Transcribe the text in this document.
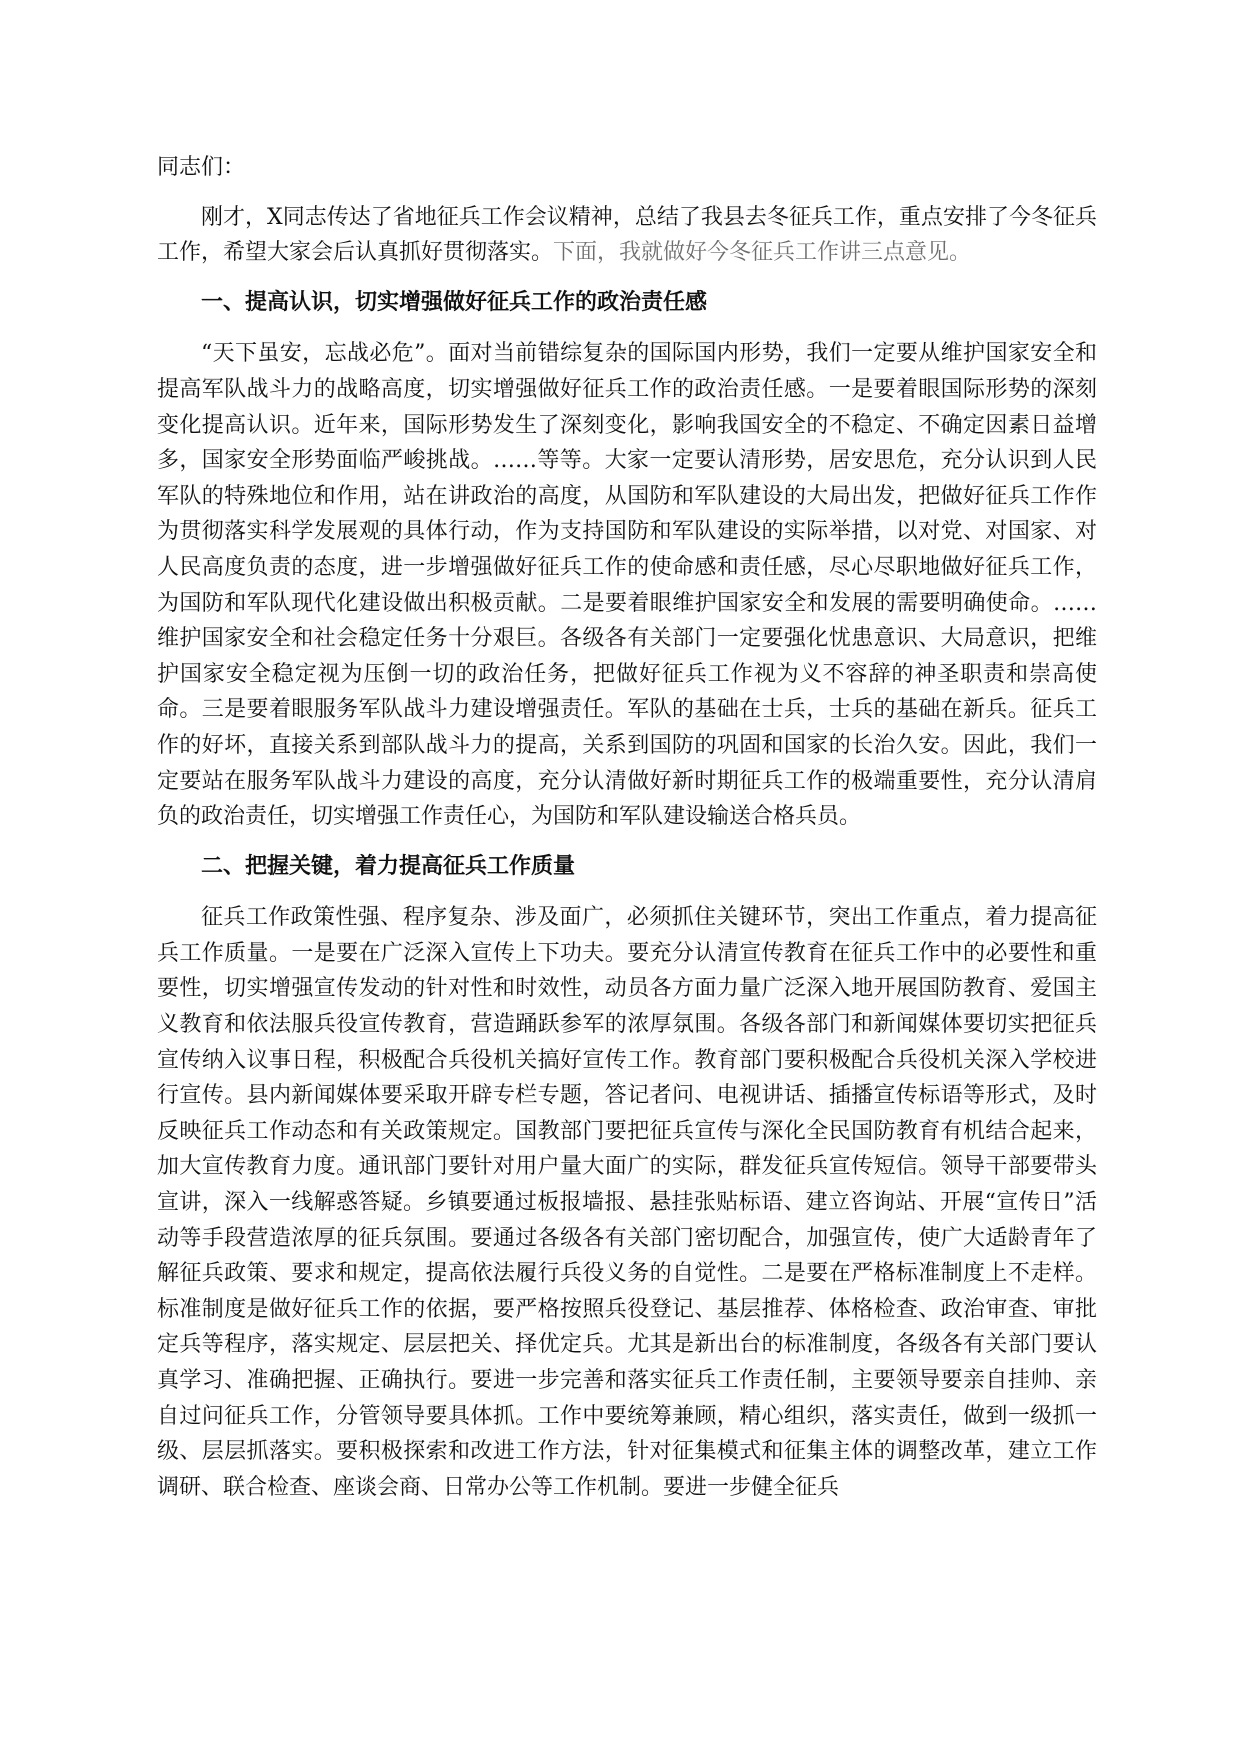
同志们：

刚才，X同志传达了省地征兵工作会议精神，总结了我县去冬征兵工作，重点安排了今冬征兵工作，希望大家会后认真抓好贯彻落实。下面，我就做好今冬征兵工作讲三点意见。

一、提高认识，切实增强做好征兵工作的政治责任感

“天下虽安，忘战必危”。面对当前错综复杂的国际国内形势，我们一定要从维护国家安全和提高军队战斗力的战略高度，切实增强做好征兵工作的政治责任感。一是要着眼国际形势的深刻变化提高认识。近年来，国际形势发生了深刻变化，影响我国安全的不稳定、不确定因素日益增多，国家安全形势面临严峻挑战。……等等。大家一定要认清形势，居安思危，充分认识到人民军队的特殊地位和作用，站在讲政治的高度，从国防和军队建设的大局出发，把做好征兵工作作为贯彻落实科学发展观的具体行动，作为支持国防和军队建设的实际举措，以对党、对国家、对人民高度负责的态度，进一步增强做好征兵工作的使命感和责任感，尽心尽职地做好征兵工作，为国防和军队现代化建设做出积极贡献。二是要着眼维护国家安全和发展的需要明确使命。……维护国家安全和社会稳定任务十分艰巨。各级各有关部门一定要强化忧患意识、大局意识，把维护国家安全稳定视为压倒一切的政治任务，把做好征兵工作视为义不容辞的神圣职责和崇高使命。三是要着眼服务军队战斗力建设增强责任。军队的基础在士兵，士兵的基础在新兵。征兵工作的好坏，直接关系到部队战斗力的提高，关系到国防的巩固和国家的长治久安。因此，我们一定要站在服务军队战斗力建设的高度，充分认清做好新时期征兵工作的极端重要性，充分认清肩负的政治责任，切实增强工作责任心，为国防和军队建设输送合格兵员。

二、把握关键，着力提高征兵工作质量

征兵工作政策性强、程序复杂、涉及面广，必须抓住关键环节，突出工作重点，着力提高征兵工作质量。一是要在广泛深入宣传上下功夫。要充分认清宣传教育在征兵工作中的必要性和重要性，切实增强宣传发动的针对性和时效性，动员各方面力量广泛深入地开展国防教育、爱国主义教育和依法服兵役宣传教育，营造踊跃参军的浓厚氛围。各级各部门和新闻媒体要切实把征兵宣传纳入议事日程，积极配合兵役机关搞好宣传工作。教育部门要积极配合兵役机关深入学校进行宣传。县内新闻媒体要采取开辟专栏专题，答记者问、电视讲话、插播宣传标语等形式，及时反映征兵工作动态和有关政策规定。国教部门要把征兵宣传与深化全民国防教育有机结合起来，加大宣传教育力度。通讯部门要针对用户量大面广的实际，群发征兵宣传短信。领导干部要带头宣讲，深入一线解惑答疑。乡镇要通过板报墙报、悬挂张贴标语、建立咨询站、开展“宣传日”活动等手段营造浓厚的征兵氛围。要通过各级各有关部门密切配合，加强宣传，使广大适龄青年了解征兵政策、要求和规定，提高依法履行兵役义务的自觉性。二是要在严格标准制度上不走样。标准制度是做好征兵工作的依据，要严格按照兵役登记、基层推荐、体格检查、政治审查、审批定兵等程序，落实规定、层层把关、择优定兵。尤其是新出台的标准制度，各级各有关部门要认真学习、准确把握、正确执行。要进一步完善和落实征兵工作责任制，主要领导要亲自挂帅、亲自过问征兵工作，分管领导要具体抓。工作中要统筹兼顾，精心组织，落实责任，做到一级抓一级、层层抓落实。要积极探索和改进工作方法，针对征集模式和征集主体的调整改革，建立工作调研、联合检查、座谈会商、日常办公等工作机制。要进一步健全征兵
